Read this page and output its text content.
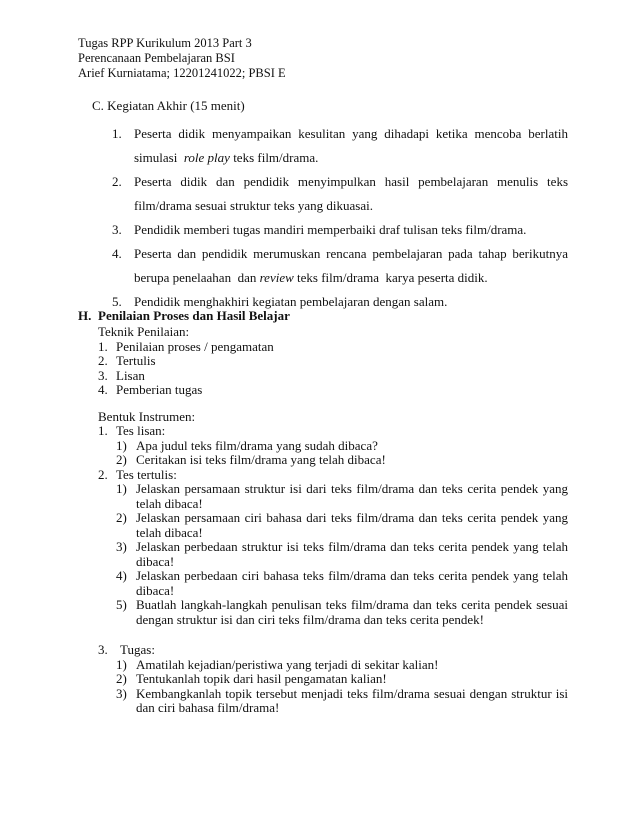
Tugas RPP Kurikulum 2013 Part 3
Perencanaan Pembelajaran BSI
Arief Kurniatama; 12201241022; PBSI E
C. Kegiatan Akhir (15 menit)
1. Peserta didik menyampaikan kesulitan yang dihadapi ketika mencoba berlatih
simulasi  role play teks film/drama.
2. Peserta didik dan pendidik menyimpulkan hasil pembelajaran menulis teks
film/drama sesuai struktur teks yang dikuasai.
3. Pendidik memberi tugas mandiri memperbaiki draf tulisan teks film/drama.
4. Peserta dan pendidik merumuskan rencana pembelajaran pada tahap berikutnya
berupa penelaahan  dan review teks film/drama  karya peserta didik.
5. Pendidik menghakhiri kegiatan pembelajaran dengan salam.
H. Penilaian Proses dan Hasil Belajar
Teknik Penilaian:
1. Penilaian proses / pengamatan
2. Tertulis
3. Lisan
4. Pemberian tugas
Bentuk Instrumen:
1. Tes lisan:
1) Apa judul teks film/drama yang sudah dibaca?
2) Ceritakan isi teks film/drama yang telah dibaca!
2. Tes tertulis:
1) Jelaskan persamaan struktur isi dari teks film/drama dan teks cerita pendek yang
telah dibaca!
2) Jelaskan persamaan ciri bahasa dari teks film/drama dan teks cerita pendek yang
telah dibaca!
3) Jelaskan perbedaan struktur isi teks film/drama dan teks cerita pendek yang telah
dibaca!
4) Jelaskan perbedaan ciri bahasa teks film/drama dan teks cerita pendek yang telah
dibaca!
5) Buatlah langkah-langkah penulisan teks film/drama dan teks cerita pendek sesuai
dengan struktur isi dan ciri teks film/drama dan teks cerita pendek!
3. Tugas:
1) Amatilah kejadian/peristiwa yang terjadi di sekitar kalian!
2) Tentukanlah topik dari hasil pengamatan kalian!
3) Kembangkanlah topik tersebut menjadi teks film/drama sesuai dengan struktur isi
dan ciri bahasa film/drama!
